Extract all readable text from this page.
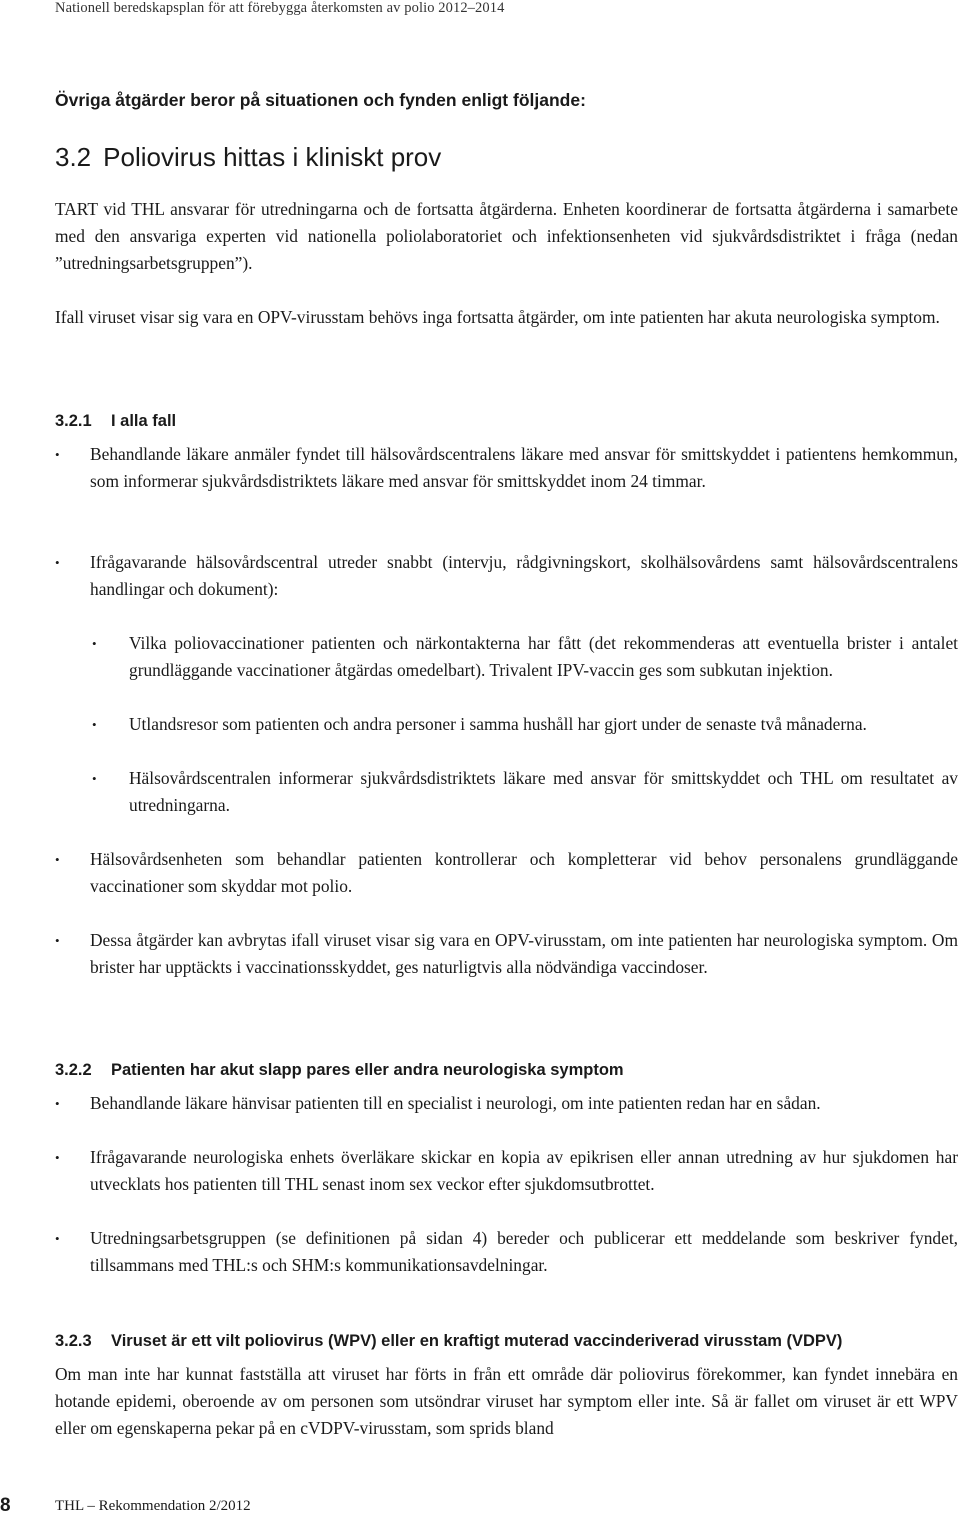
Nationell beredskapsplan för att förebygga återkomsten av polio 2012–2014
Övriga åtgärder beror på situationen och fynden enligt följande:
3.2 Poliovirus hittas i kliniskt prov
TART vid THL ansvarar för utredningarna och de fortsatta åtgärderna. Enheten koordinerar de fortsatta åtgärderna i samarbete med den ansvariga experten vid nationella poliolaboratoriet och infektionsenheten vid sjukvårdsdistriktet i fråga (nedan ”utredningsarbetsgruppen”).
Ifall viruset visar sig vara en OPV-virusstam behövs inga fortsatta åtgärder, om inte patienten har akuta neurologiska symptom.
3.2.1 I alla fall
•	Behandlande läkare anmäler fyndet till hälsovårdscentralens läkare med ansvar för smittskyddet i patientens hemkommun, som informerar sjukvårdsdistriktets läkare med ansvar för smittskyddet inom 24 timmar.
•	Ifrågavarande hälsovårdscentral utreder snabbt (intervju, rådgivningskort, skolhälsovårdens samt hälsovårdscentralens handlingar och dokument):
•	Vilka poliovaccinationer patienten och närkontakterna har fått (det rekommenderas att eventuella brister i antalet grundläggande vaccinationer åtgärdas omedelbart). Trivalent IPV-vaccin ges som subkutan injektion.
•	Utlandsresor som patienten och andra personer i samma hushåll har gjort under de senaste två månaderna.
•	Hälsovårdscentralen informerar sjukvårdsdistriktets läkare med ansvar för smittskyddet och THL om resultatet av utredningarna.
•	Hälsovårdsenheten som behandlar patienten kontrollerar och kompletterar vid behov personalens grundläggande vaccinationer som skyddar mot polio.
•	Dessa åtgärder kan avbrytas ifall viruset visar sig vara en OPV-virusstam, om inte patienten har neurologiska symptom. Om brister har upptäckts i vaccinationsskyddet, ges naturligtvis alla nödvändiga vaccindoser.
3.2.2 Patienten har akut slapp pares eller andra neurologiska symptom
•	Behandlande läkare hänvisar patienten till en specialist i neurologi, om inte patienten redan har en sådan.
•	Ifrågavarande neurologiska enhets överläkare skickar en kopia av epikrisen eller annan utredning av hur sjukdomen har utvecklats hos patienten till THL senast inom sex veckor efter sjukdomsutbrottet.
•	Utredningsarbetsgruppen (se definitionen på sidan 4) bereder och publicerar ett meddelande som beskriver fyndet, tillsammans med THL:s och SHM:s kommunikationsavdelningar.
3.2.3 Viruset är ett vilt poliovirus (WPV) eller en kraftigt muterad vaccinderiverad virusstam (VDPV)
Om man inte har kunnat fastställa att viruset har förts in från ett område där poliovirus förekommer, kan fyndet innebära en hotande epidemi, oberoende av om personen som utsöndrar viruset har symptom eller inte. Så är fallet om viruset är ett WPV eller om egenskaperna pekar på en cVDPV-virusstam, som sprids bland
8	THL – Rekommendation 2/2012
